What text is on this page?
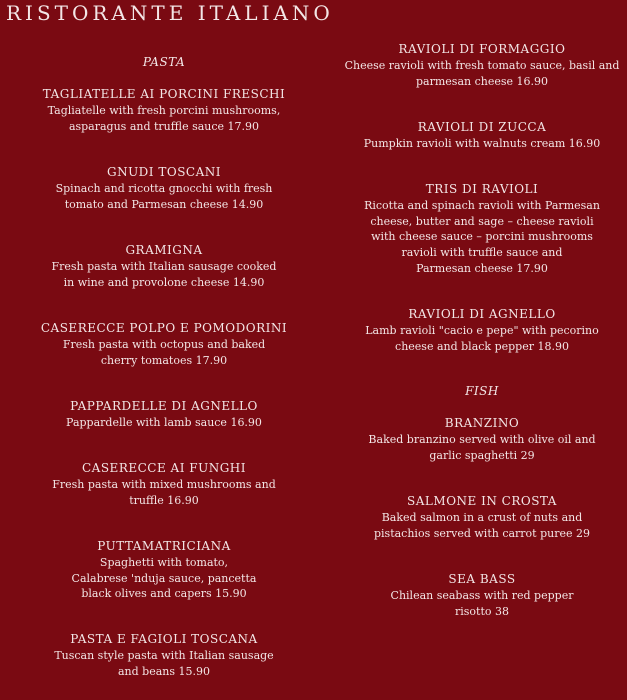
RISTORANTE ITALIANO
PASTA
TAGLIATELLE AI PORCINI FRESCHI
Tagliatelle with fresh porcini mushrooms,
asparagus and truffle sauce 17.90
GNUDI TOSCANI
Spinach and ricotta gnocchi with fresh
tomato and Parmesan cheese 14.90
GRAMIGNA
Fresh pasta with Italian sausage cooked
in wine and provolone cheese 14.90
CASERECCE POLPO E POMODORINI
Fresh pasta with octopus and baked
cherry tomatoes 17.90
PAPPARDELLE DI AGNELLO
Pappardelle with lamb sauce 16.90
CASERECCE AI FUNGHI
Fresh pasta with mixed mushrooms and
truffle 16.90
PUTTAMATRICIANA
Spaghetti with tomato,
Calabrese 'nduja sauce, pancetta
black olives and capers 15.90
PASTA E FAGIOLI TOSCANA
Tuscan style pasta with Italian sausage
and beans 15.90
RAVIOLI DI FORMAGGIO
Cheese ravioli with fresh tomato sauce, basil and
parmesan cheese 16.90
RAVIOLI DI ZUCCA
Pumpkin ravioli with walnuts cream 16.90
TRIS DI RAVIOLI
Ricotta and spinach ravioli with Parmesan
cheese, butter and sage – cheese ravioli
with cheese sauce – porcini mushrooms
ravioli with truffle sauce and
Parmesan cheese 17.90
RAVIOLI DI AGNELLO
Lamb ravioli "cacio e pepe" with pecorino
cheese and black pepper 18.90
FISH
BRANZINO
Baked branzino served with olive oil and
garlic spaghetti 29
SALMONE IN CROSTA
Baked salmon in a crust of nuts and
pistachios served with carrot puree 29
SEA BASS
Chilean seabass with red pepper
risotto 38
